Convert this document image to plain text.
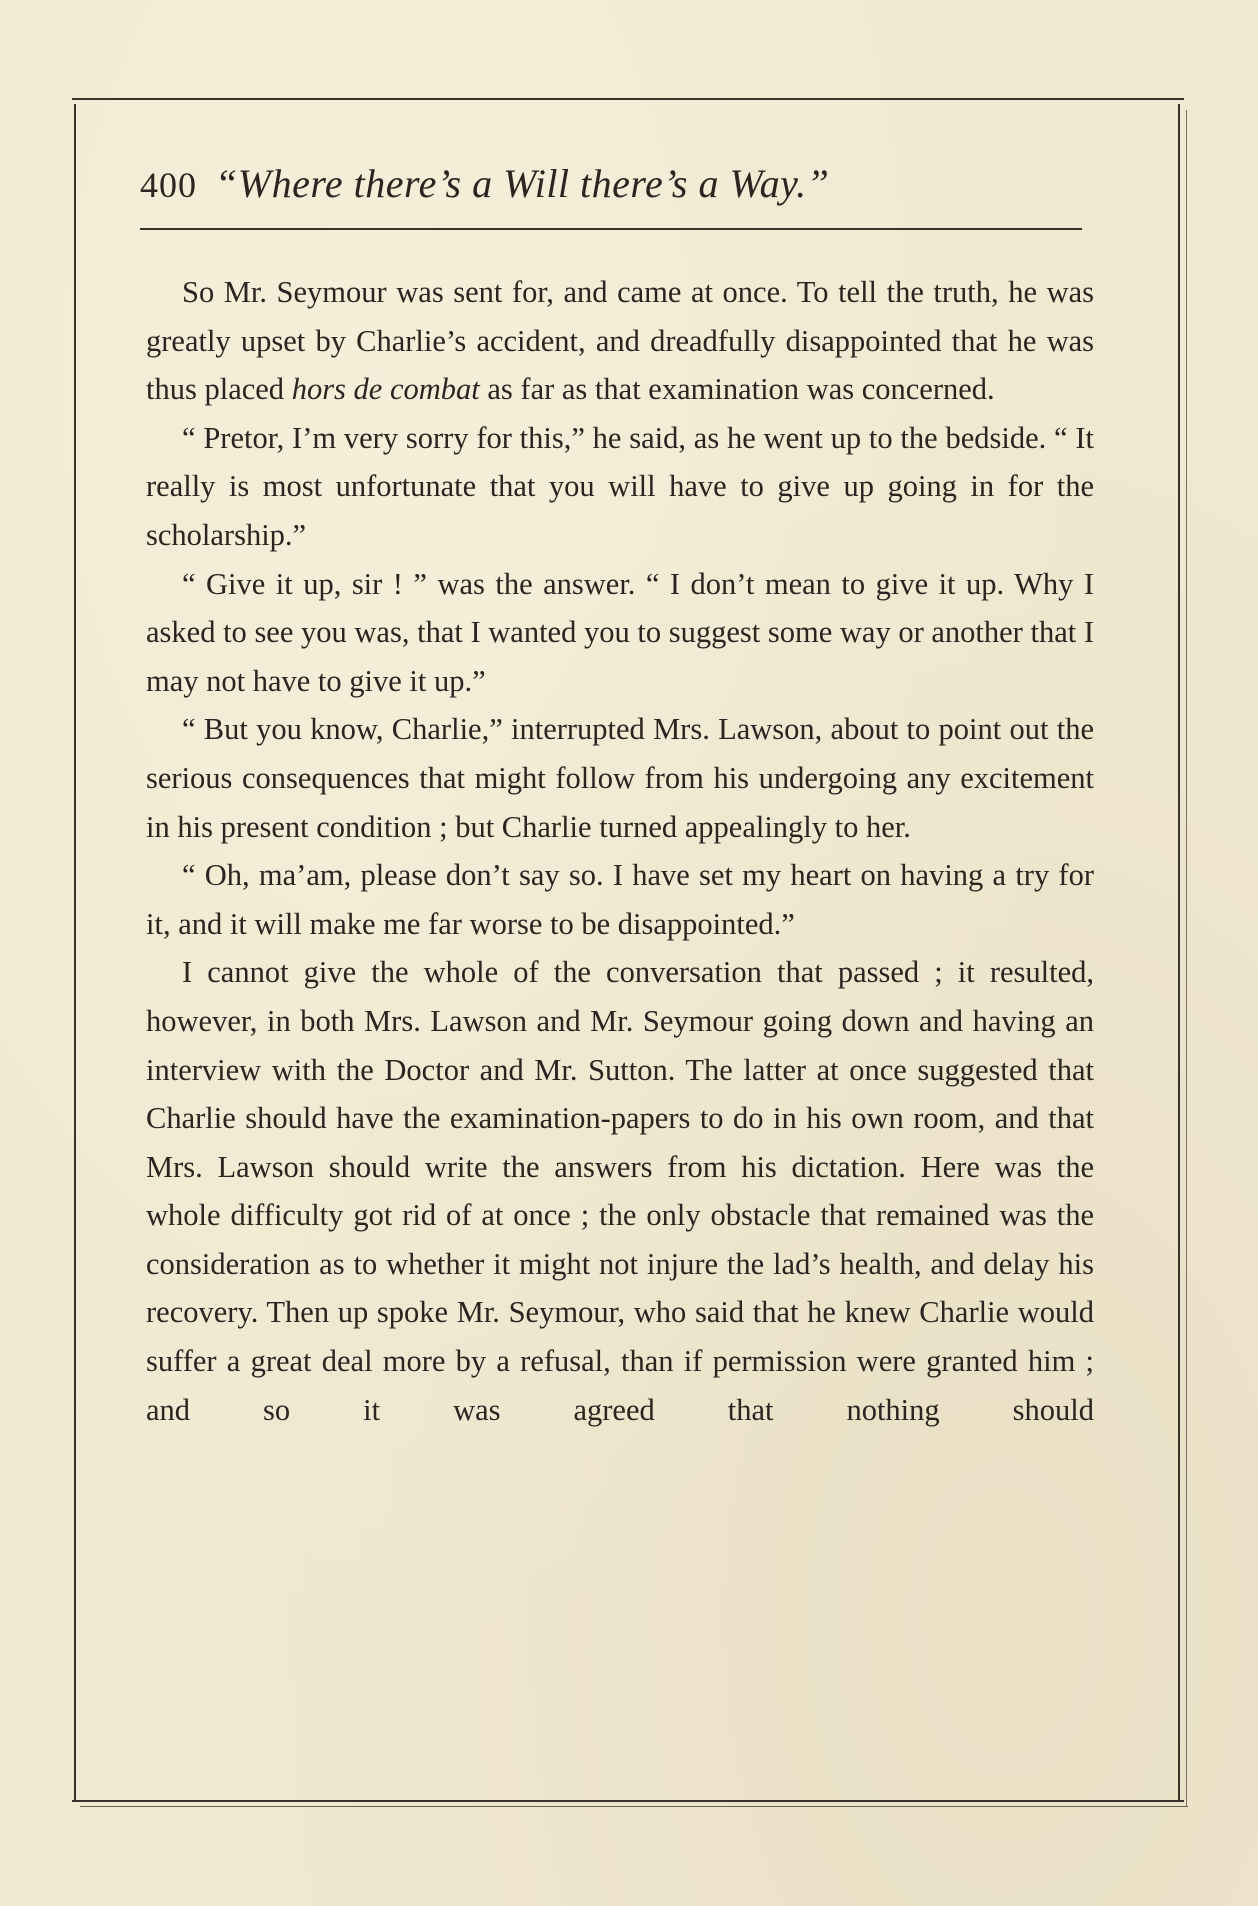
400 “Where there’s a Will there’s a Way.”

So Mr. Seymour was sent for, and came at once. To tell the truth, he was greatly upset by Charlie’s accident, and dreadfully disappointed that he was thus placed hors de combat as far as that examination was concerned.

“ Pretor, I’m very sorry for this,” he said, as he went up to the bedside. “ It really is most unfortunate that you will have to give up going in for the scholarship.”

“ Give it up, sir ! ” was the answer. “ I don’t mean to give it up. Why I asked to see you was, that I wanted you to suggest some way or another that I may not have to give it up.”

“ But you know, Charlie,” interrupted Mrs. Lawson, about to point out the serious consequences that might follow from his undergoing any excitement in his present condition ; but Charlie turned appealingly to her.

“ Oh, ma’am, please don’t say so. I have set my heart on having a try for it, and it will make me far worse to be disappointed.”

I cannot give the whole of the conversation that passed ; it resulted, however, in both Mrs. Lawson and Mr. Seymour going down and having an interview with the Doctor and Mr. Sutton. The latter at once suggested that Charlie should have the examination-papers to do in his own room, and that Mrs. Lawson should write the answers from his dictation. Here was the whole difficulty got rid of at once ; the only obstacle that remained was the consideration as to whether it might not injure the lad’s health, and delay his recovery. Then up spoke Mr. Seymour, who said that he knew Charlie would suffer a great deal more by a refusal, than if permission were granted him ; and so it was agreed that nothing should
